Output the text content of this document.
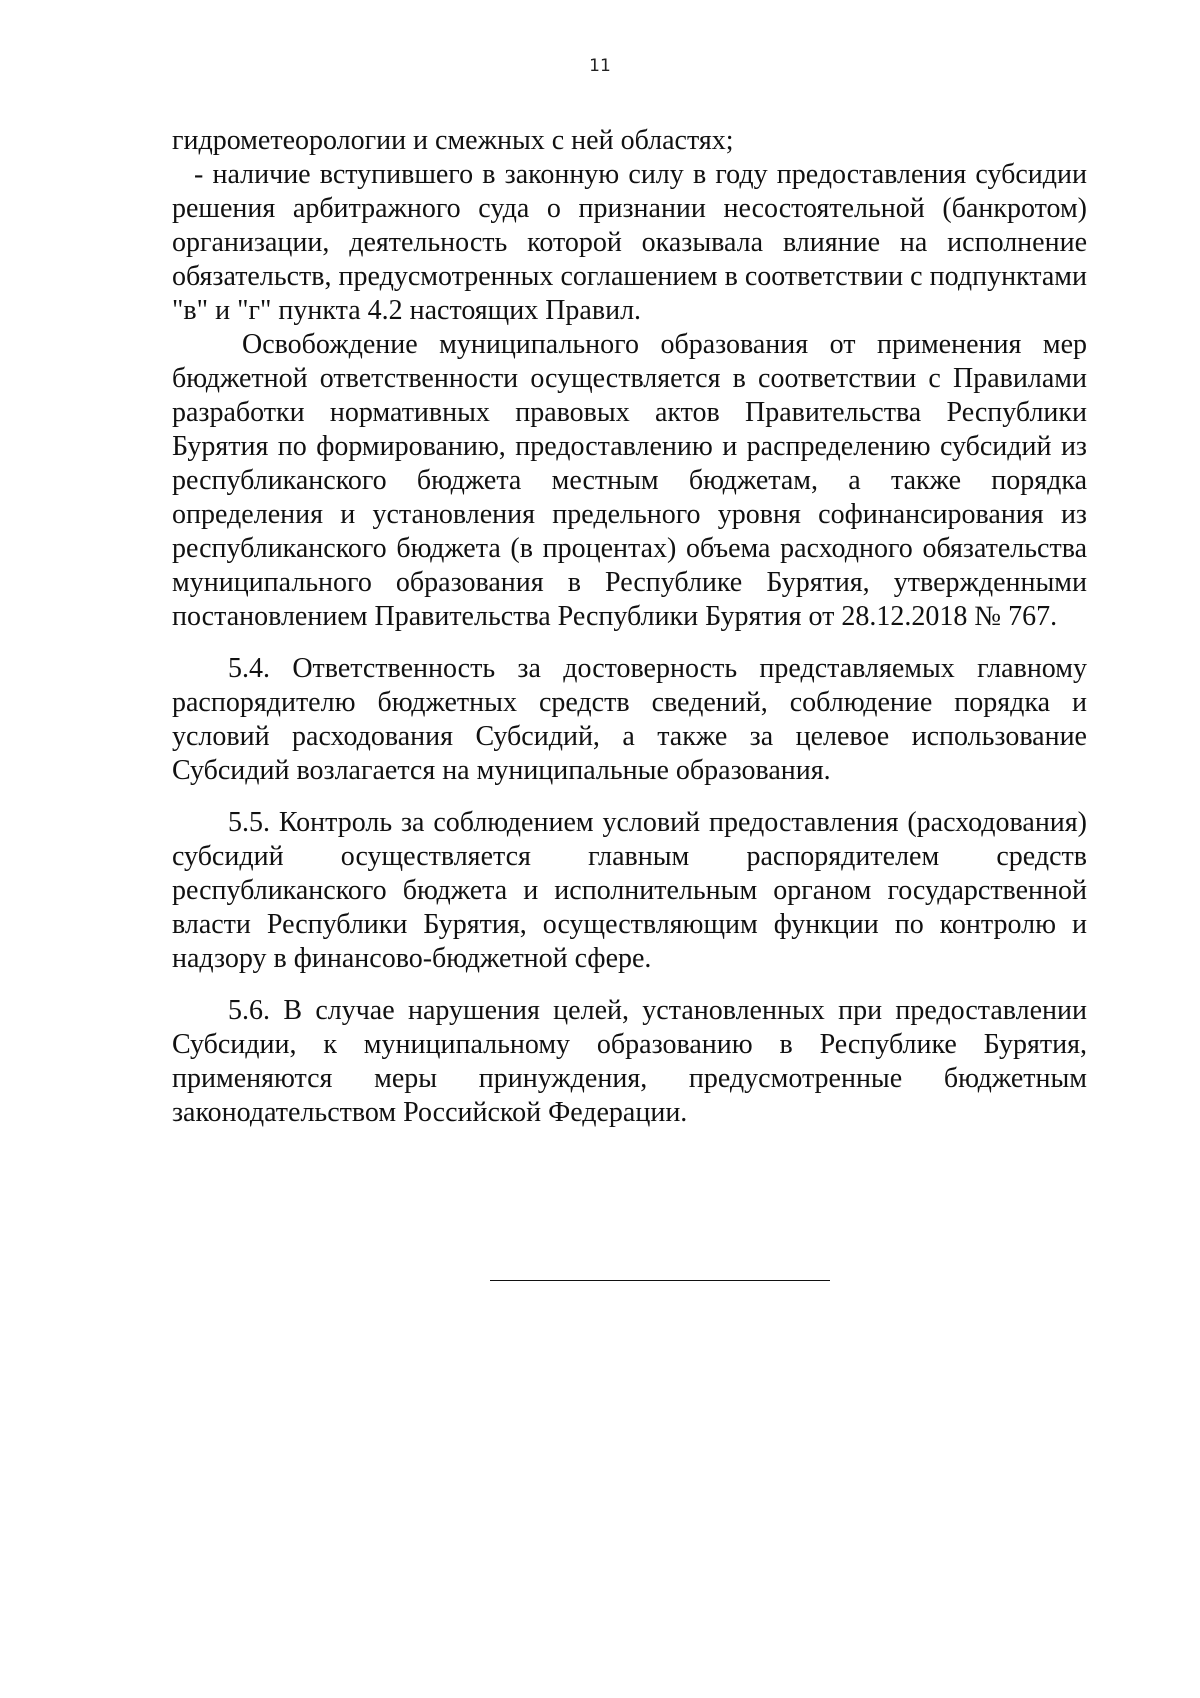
11

гидрометеорологии и смежных с ней областях;

- наличие вступившего в законную силу в году предоставления субсидии решения арбитражного суда о признании несостоятельной (банкротом) организации, деятельность которой оказывала влияние на исполнение обязательств, предусмотренных соглашением в соответствии с подпунктами "в" и "г" пункта 4.2 настоящих Правил.

Освобождение муниципального образования от применения мер бюджетной ответственности осуществляется в соответствии с Правилами разработки нормативных правовых актов Правительства Республики Бурятия по формированию, предоставлению и распределению субсидий из республиканского бюджета местным бюджетам, а также порядка определения и установления предельного уровня софинансирования из республиканского бюджета (в процентах) объема расходного обязательства муниципального образования в Республике Бурятия, утвержденными постановлением Правительства Республики Бурятия от 28.12.2018 № 767.

5.4. Ответственность за достоверность представляемых главному распорядителю бюджетных средств сведений, соблюдение порядка и условий расходования Субсидий, а также за целевое использование Субсидий возлагается на муниципальные образования.

5.5. Контроль за соблюдением условий предоставления (расходования) субсидий осуществляется главным распорядителем средств республиканского бюджета и исполнительным органом государственной власти Республики Бурятия, осуществляющим функции по контролю и надзору в финансово-бюджетной сфере.

5.6. В случае нарушения целей, установленных при предоставлении Субсидии, к муниципальному образованию в Республике Бурятия, применяются меры принуждения, предусмотренные бюджетным законодательством Российской Федерации.
